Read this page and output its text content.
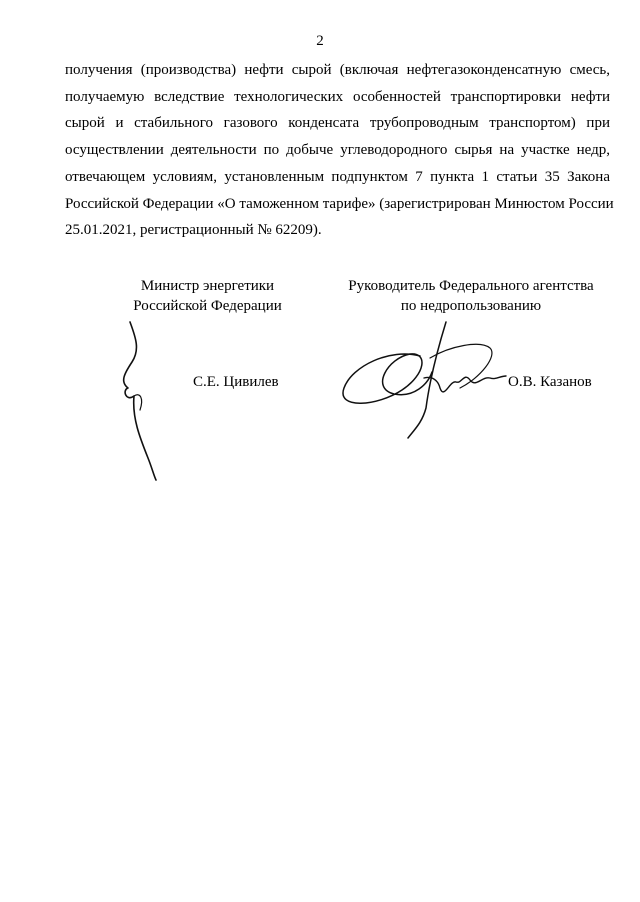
2
получения (производства) нефти сырой (включая нефтегазоконденсатную смесь,
получаемую вследствие технологических особенностей транспортировки нефти
сырой и стабильного газового конденсата трубопроводным транспортом) при
осуществлении деятельности по добыче углеводородного сырья на участке недр,
отвечающем условиям, установленным подпунктом 7 пункта 1 статьи 35 Закона
Российской Федерации «О таможенном тарифе» (зарегистрирован Минюстом России
25.01.2021, регистрационный № 62209).
Министр энергетики
Российской Федерации
Руководитель Федерального агентства
по недропользованию
С.Е. Цивилев	О.В. Казанов
